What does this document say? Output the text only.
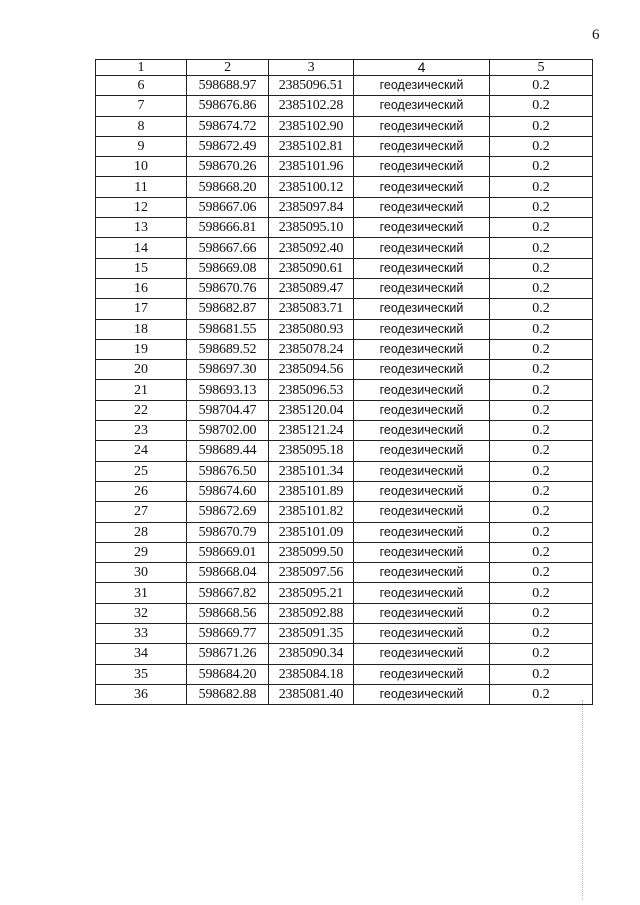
6
1	2	3	4	5
6	598688.97	2385096.51	геодезический	0.2
7	598676.86	2385102.28	геодезический	0.2
8	598674.72	2385102.90	геодезический	0.2
9	598672.49	2385102.81	геодезический	0.2
10	598670.26	2385101.96	геодезический	0.2
11	598668.20	2385100.12	геодезический	0.2
12	598667.06	2385097.84	геодезический	0.2
13	598666.81	2385095.10	геодезический	0.2
14	598667.66	2385092.40	геодезический	0.2
15	598669.08	2385090.61	геодезический	0.2
16	598670.76	2385089.47	геодезический	0.2
17	598682.87	2385083.71	геодезический	0.2
18	598681.55	2385080.93	геодезический	0.2
19	598689.52	2385078.24	геодезический	0.2
20	598697.30	2385094.56	геодезический	0.2
21	598693.13	2385096.53	геодезический	0.2
22	598704.47	2385120.04	геодезический	0.2
23	598702.00	2385121.24	геодезический	0.2
24	598689.44	2385095.18	геодезический	0.2
25	598676.50	2385101.34	геодезический	0.2
26	598674.60	2385101.89	геодезический	0.2
27	598672.69	2385101.82	геодезический	0.2
28	598670.79	2385101.09	геодезический	0.2
29	598669.01	2385099.50	геодезический	0.2
30	598668.04	2385097.56	геодезический	0.2
31	598667.82	2385095.21	геодезический	0.2
32	598668.56	2385092.88	геодезический	0.2
33	598669.77	2385091.35	геодезический	0.2
34	598671.26	2385090.34	геодезический	0.2
35	598684.20	2385084.18	геодезический	0.2
36	598682.88	2385081.40	геодезический	0.2
